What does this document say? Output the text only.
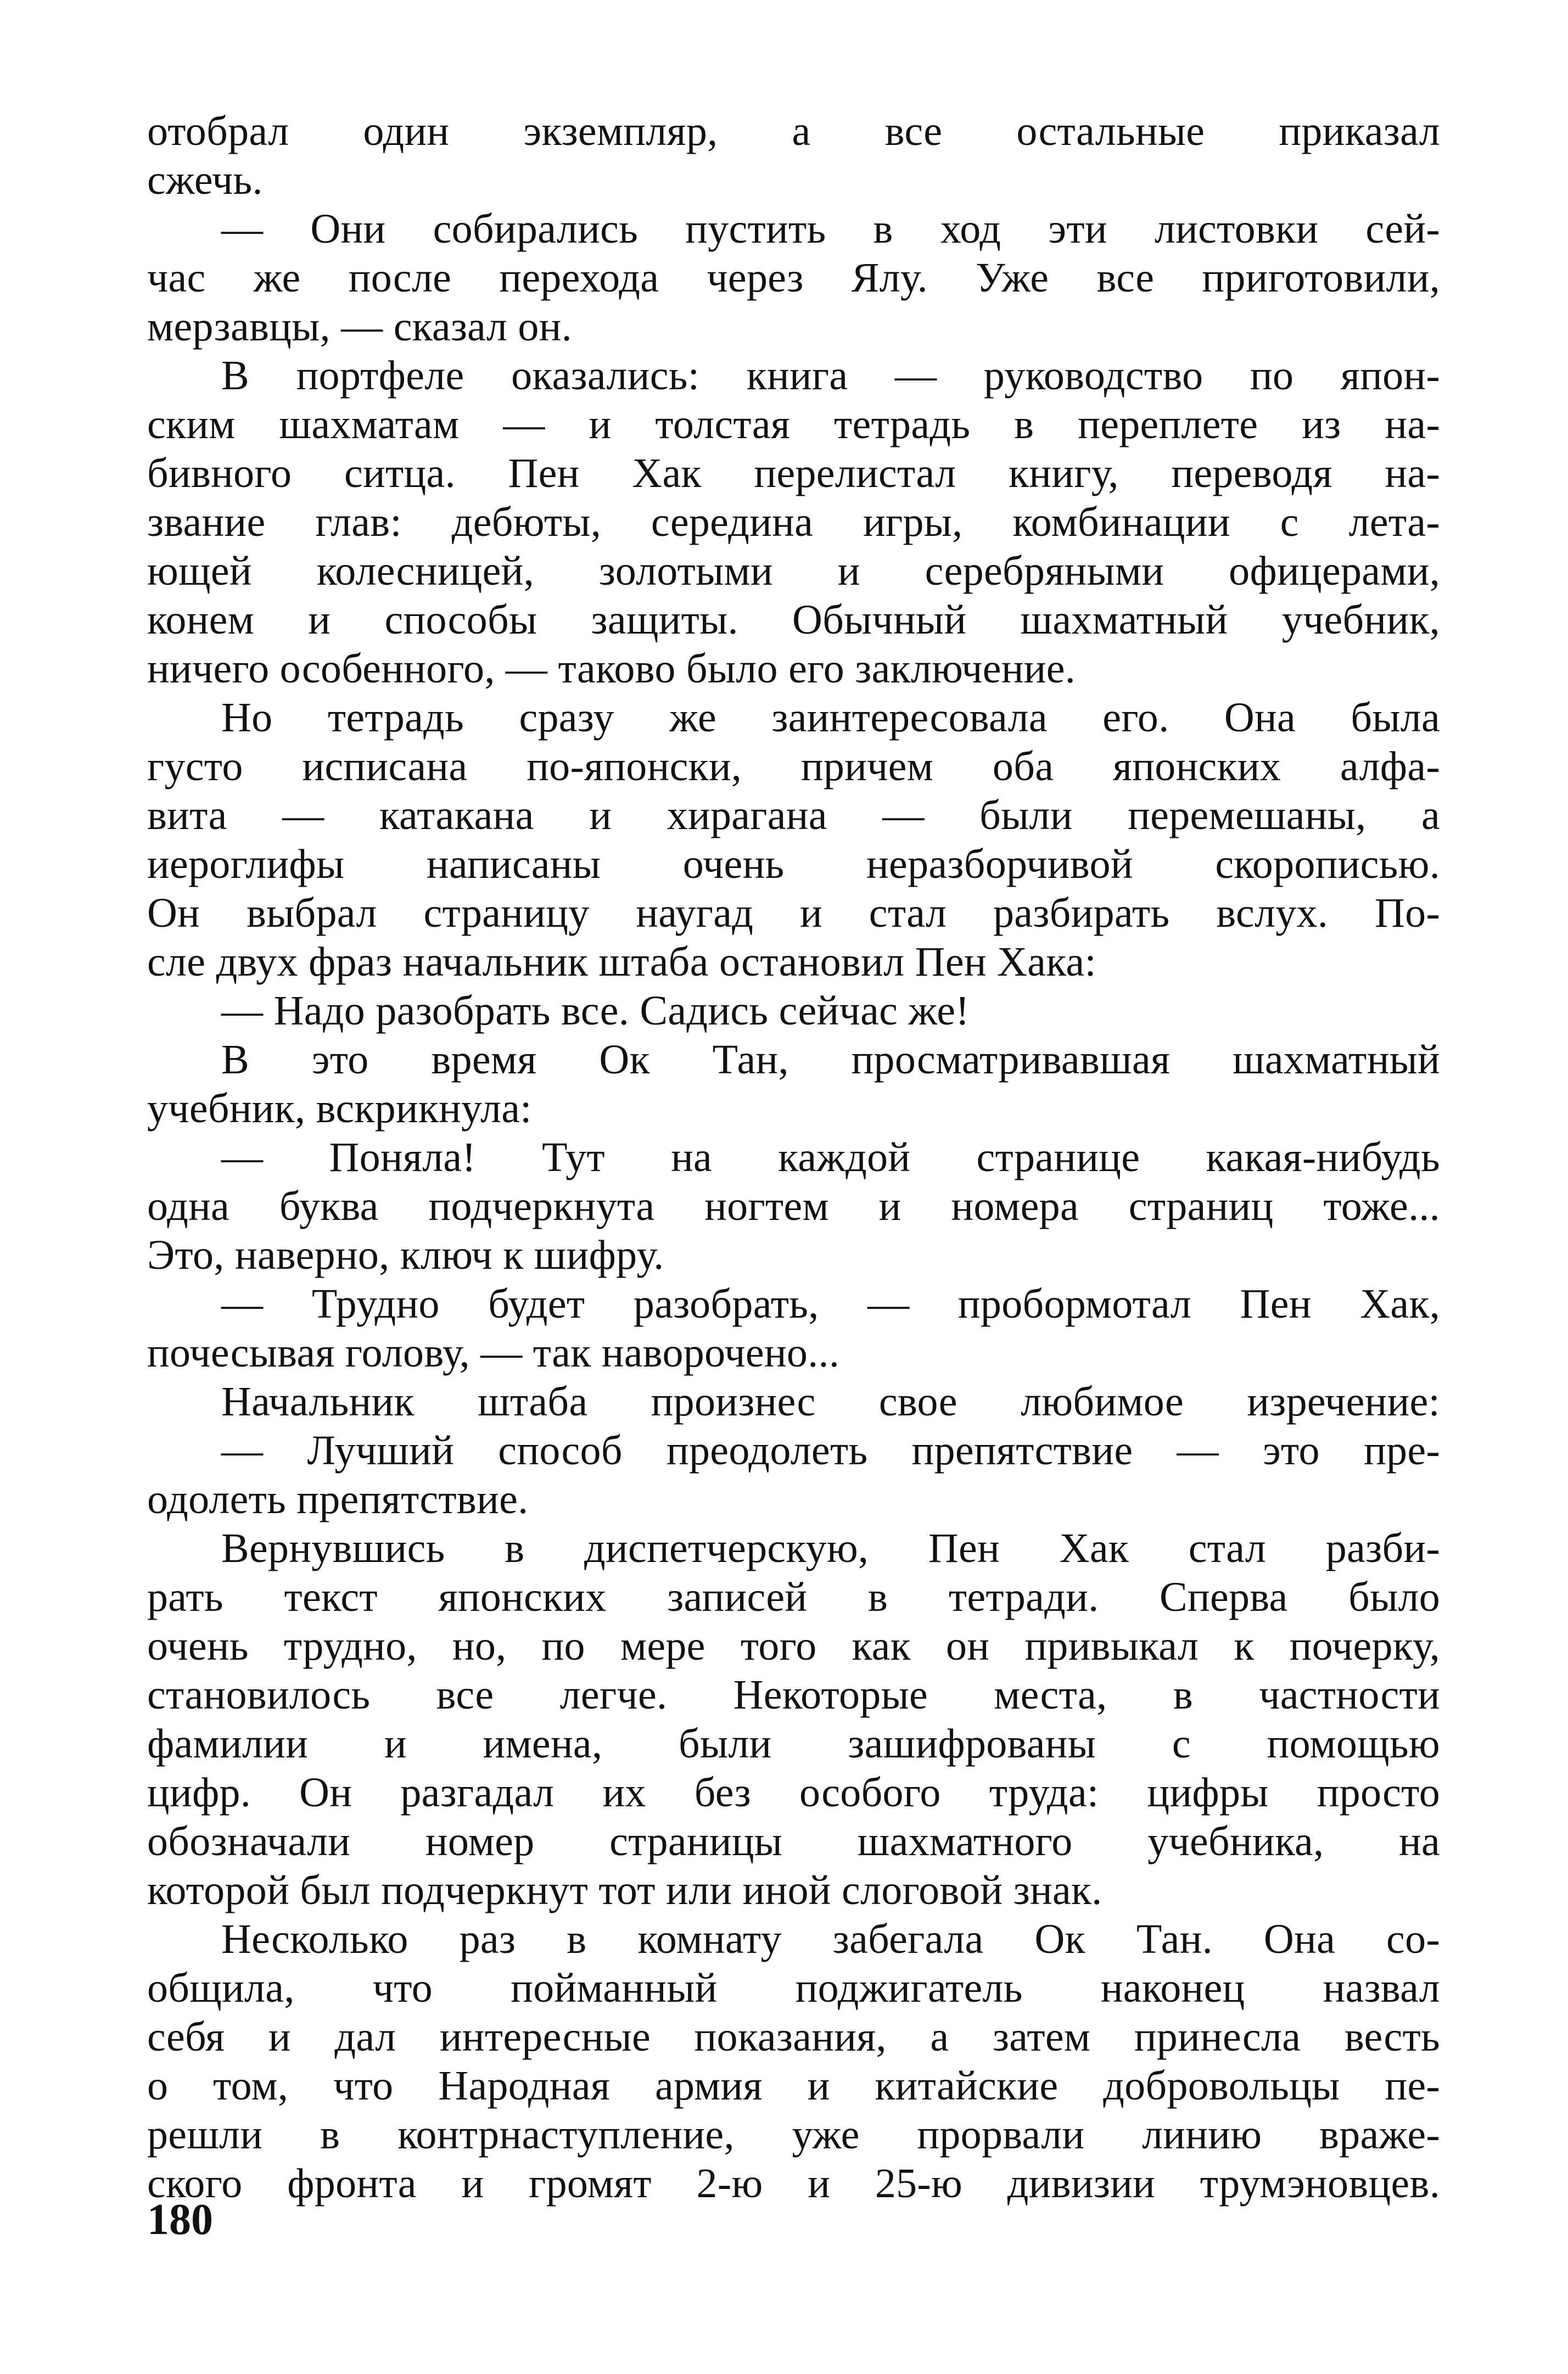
отобрал один экземпляр, а все остальные приказал
сжечь.
— Они собирались пустить в ход эти листовки сей-
час же после перехода через Ялу. Уже все приготовили,
мерзавцы, — сказал он.
В портфеле оказались: книга — руководство по япон-
ским шахматам — и толстая тетрадь в переплете из на-
бивного ситца. Пен Хак перелистал книгу, переводя на-
звание глав: дебюты, середина игры, комбинации с лета-
ющей колесницей, золотыми и серебряными офицерами,
конем и способы защиты. Обычный шахматный учебник,
ничего особенного, — таково было его заключение.
Но тетрадь сразу же заинтересовала его. Она была
густо исписана по-японски, причем оба японских алфа-
вита — катакана и хирагана — были перемешаны, а
иероглифы написаны очень неразборчивой скорописью.
Он выбрал страницу наугад и стал разбирать вслух. По-
сле двух фраз начальник штаба остановил Пен Хака:
— Надо разобрать все. Садись сейчас же!
В это время Ок Тан, просматривавшая шахматный
учебник, вскрикнула:
— Поняла! Тут на каждой странице какая-нибудь
одна буква подчеркнута ногтем и номера страниц тоже...
Это, наверно, ключ к шифру.
— Трудно будет разобрать, — пробормотал Пен Хак,
почесывая голову, — так наворочено...
Начальник штаба произнес свое любимое изречение:
— Лучший способ преодолеть препятствие — это пре-
одолеть препятствие.
Вернувшись в диспетчерскую, Пен Хак стал разби-
рать текст японских записей в тетради. Сперва было
очень трудно, но, по мере того как он привыкал к почерку,
становилось все легче. Некоторые места, в частности
фамилии и имена, были зашифрованы с помощью
цифр. Он разгадал их без особого труда: цифры просто
обозначали номер страницы шахматного учебника, на
которой был подчеркнут тот или иной слоговой знак.
Несколько раз в комнату забегала Ок Тан. Она со-
общила, что пойманный поджигатель наконец назвал
себя и дал интересные показания, а затем принесла весть
о том, что Народная армия и китайские добровольцы пе-
решли в контрнаступление, уже прорвали линию враже-
ского фронта и громят 2-ю и 25-ю дивизии трумэновцев.
180
